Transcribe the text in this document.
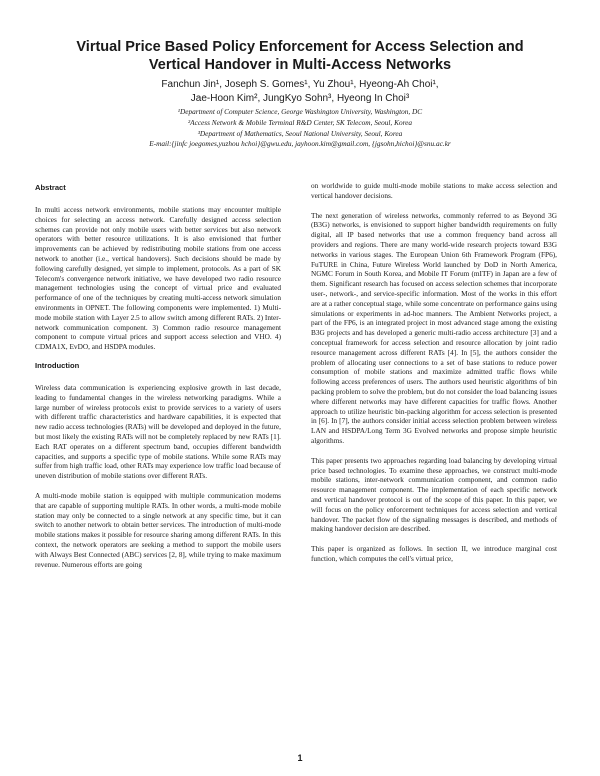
Virtual Price Based Policy Enforcement for Access Selection and
Vertical Handover in Multi-Access Networks
Fanchun Jin¹, Joseph S. Gomes¹, Yu Zhou¹, Hyeong-Ah Choi¹,
Jae-Hoon Kim², JungKyo Sohn³, Hyeong In Choi³
¹Department of Computer Science, George Washington University, Washington, DC
²Access Network & Mobile Terminal R&D Center, SK Telecom, Seoul, Korea
³Department of Mathematics, Seoul National University, Seoul, Korea
E-mail:{jinfc joegomes,yuzhou hchoi}@gwu.edu, jayhoon.kim@gmail.com, {jgsohn,hichoi}@snu.ac.kr
Abstract

In multi access network environments, mobile stations may encounter multiple choices for selecting an access network. Carefully designed access selection schemes can provide not only mobile users with better services but also network operators with better resource utilizations. It is also envisioned that further improvements can be achieved by redistributing mobile stations from one access network to another (i.e., vertical handovers). Such decisions should be made by following carefully designed, yet simple to implement, protocols. As a part of SK Telecom's convergence network initiative, we have developed two radio resource management technologies using the concept of virtual price and evaluated performance of one of the techniques by creating multi-access network simulation environments in OPNET. The following components were implemented. 1) Multi-mode mobile station with Layer 2.5 to allow switch among different RATs. 2) Inter-network communication component. 3) Common radio resource management component to compute virtual prices and support access selection and VHO. 4) CDMA1X, EvDO, and HSDPA modules.

Introduction

Wireless data communication is experiencing explosive growth in last decade, leading to fundamental changes in the wireless networking paradigms. While a large number of wireless protocols exist to provide services to a variety of users with different traffic characteristics and hardware capabilities, it is expected that new radio access technologies (RATs) will be developed and deployed in the future, but most likely the existing RATs will not be completely replaced by new RATs [1]. Each RAT operates on a different spectrum band, occupies different bandwidth capacities, and supports a specific type of mobile stations. While some RATs may suffer from high traffic load, other RATs may experience low traffic load because of uneven distribution of mobile stations over different RATs.

A multi-mode mobile station is equipped with multiple communication modems that are capable of supporting multiple RATs. In other words, a multi-mode mobile station may only be connected to a single network at any specific time, but it can switch to another network to obtain better services. The introduction of multi-mode mobile stations makes it possible for resource sharing among different RATs. In this context, the network operators are seeking a method to support the mobile users with Always Best Connected (ABC) services [2, 8], while trying to make maximum revenue. Numerous efforts are going

on worldwide to guide multi-mode mobile stations to make access selection and vertical handover decisions.

The next generation of wireless networks, commonly referred to as Beyond 3G (B3G) networks, is envisioned to support higher bandwidth requirements on fully digital, all IP based networks that use a common frequency band across all providers and regions. There are many world-wide research projects toward B3G networks in various stages. The European Union 6th Framework Program (FP6), FuTURE in China, Future Wireless World launched by DoD in North America, NGMC Forum in South Korea, and Mobile IT Forum (mITF) in Japan are a few of them. Significant research has focused on access selection schemes that incorporate user-, network-, and service-specific information. Most of the works in this effort are at a rather conceptual stage, while some concentrate on performance gains using simulations or experiments in ad-hoc manners. The Ambient Networks project, a part of the FP6, is an integrated project in most advanced stage among the existing B3G projects and has developed a generic multi-radio access architecture [3] and a conceptual framework for access selection and resource allocation by joint radio resource management across different RATs [4]. In [5], the authors consider the problem of allocating user connections to a set of base stations to reduce power consumption of mobile stations and maximize admitted traffic flows while following access preferences of users. The authors used heuristic algorithms of bin packing problem to solve the problem, but do not consider the load balancing issues where different networks may have different capacities for traffic flows. Another approach to utilize heuristic bin-packing algorithm for access selection is presented in [6]. In [7], the authors consider initial access selection problem between wireless LAN and HSDPA/Long Term 3G Evolved networks and propose simple heuristic algorithms.

This paper presents two approaches regarding load balancing by developing virtual price based technologies. To examine these approaches, we construct multi-mode mobile stations, inter-network communication component, and common radio resource management component. The implementation of each specific network and vertical handover protocol is out of the scope of this paper. In this paper, we will focus on the policy enforcement techniques for access selection and vertical handover. The packet flow of the signaling messages is described, and methods of making handover decision are described.

This paper is organized as follows. In section II, we introduce marginal cost function, which computes the cell's virtual price,

1
